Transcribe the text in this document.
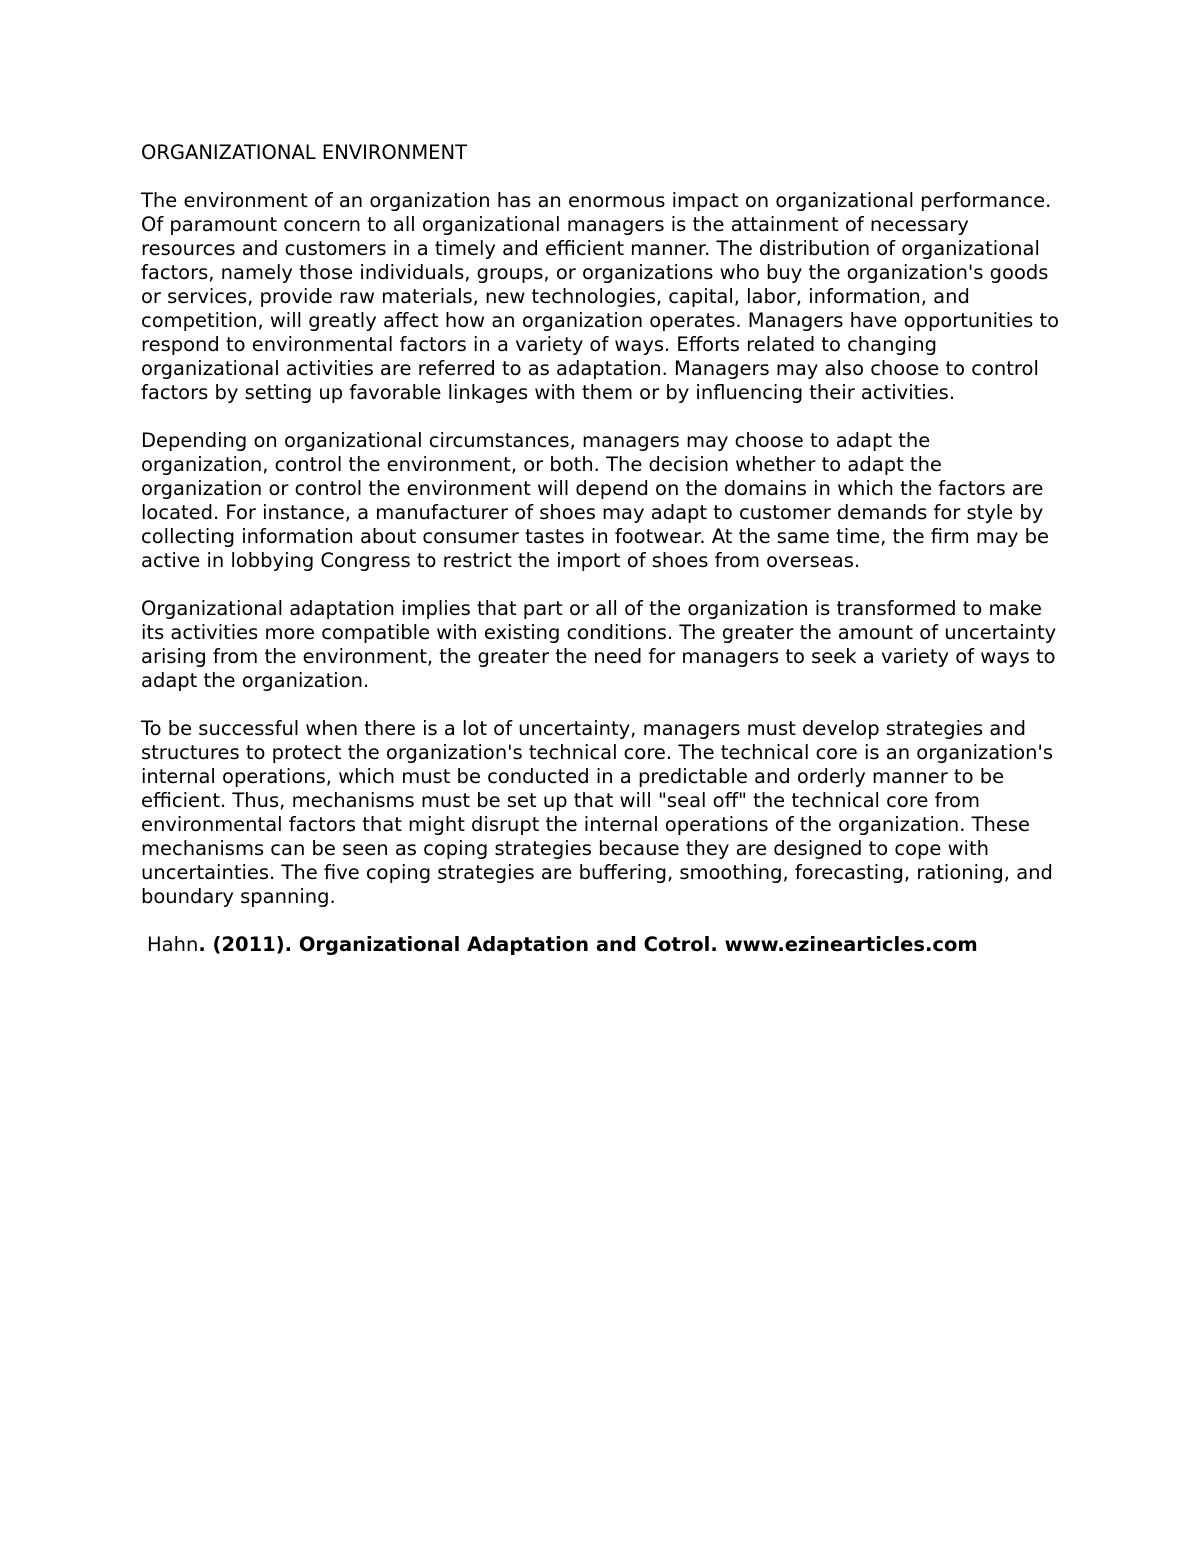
ORGANIZATIONAL ENVIRONMENT

The environment of an organization has an enormous impact on organizational performance. Of paramount concern to all organizational managers is the attainment of necessary resources and customers in a timely and efficient manner. The distribution of organizational factors, namely those individuals, groups, or organizations who buy the organization's goods or services, provide raw materials, new technologies, capital, labor, information, and competition, will greatly affect how an organization operates. Managers have opportunities to respond to environmental factors in a variety of ways. Efforts related to changing organizational activities are referred to as adaptation. Managers may also choose to control factors by setting up favorable linkages with them or by influencing their activities.

Depending on organizational circumstances, managers may choose to adapt the organization, control the environment, or both. The decision whether to adapt the organization or control the environment will depend on the domains in which the factors are located. For instance, a manufacturer of shoes may adapt to customer demands for style by collecting information about consumer tastes in footwear. At the same time, the firm may be active in lobbying Congress to restrict the import of shoes from overseas.

Organizational adaptation implies that part or all of the organization is transformed to make its activities more compatible with existing conditions. The greater the amount of uncertainty arising from the environment, the greater the need for managers to seek a variety of ways to adapt the organization.

To be successful when there is a lot of uncertainty, managers must develop strategies and structures to protect the organization's technical core. The technical core is an organization's internal operations, which must be conducted in a predictable and orderly manner to be efficient. Thus, mechanisms must be set up that will "seal off" the technical core from environmental factors that might disrupt the internal operations of the organization. These mechanisms can be seen as coping strategies because they are designed to cope with uncertainties. The five coping strategies are buffering, smoothing, forecasting, rationing, and boundary spanning.

Hahn. (2011). Organizational Adaptation and Cotrol. www.ezinearticles.com
